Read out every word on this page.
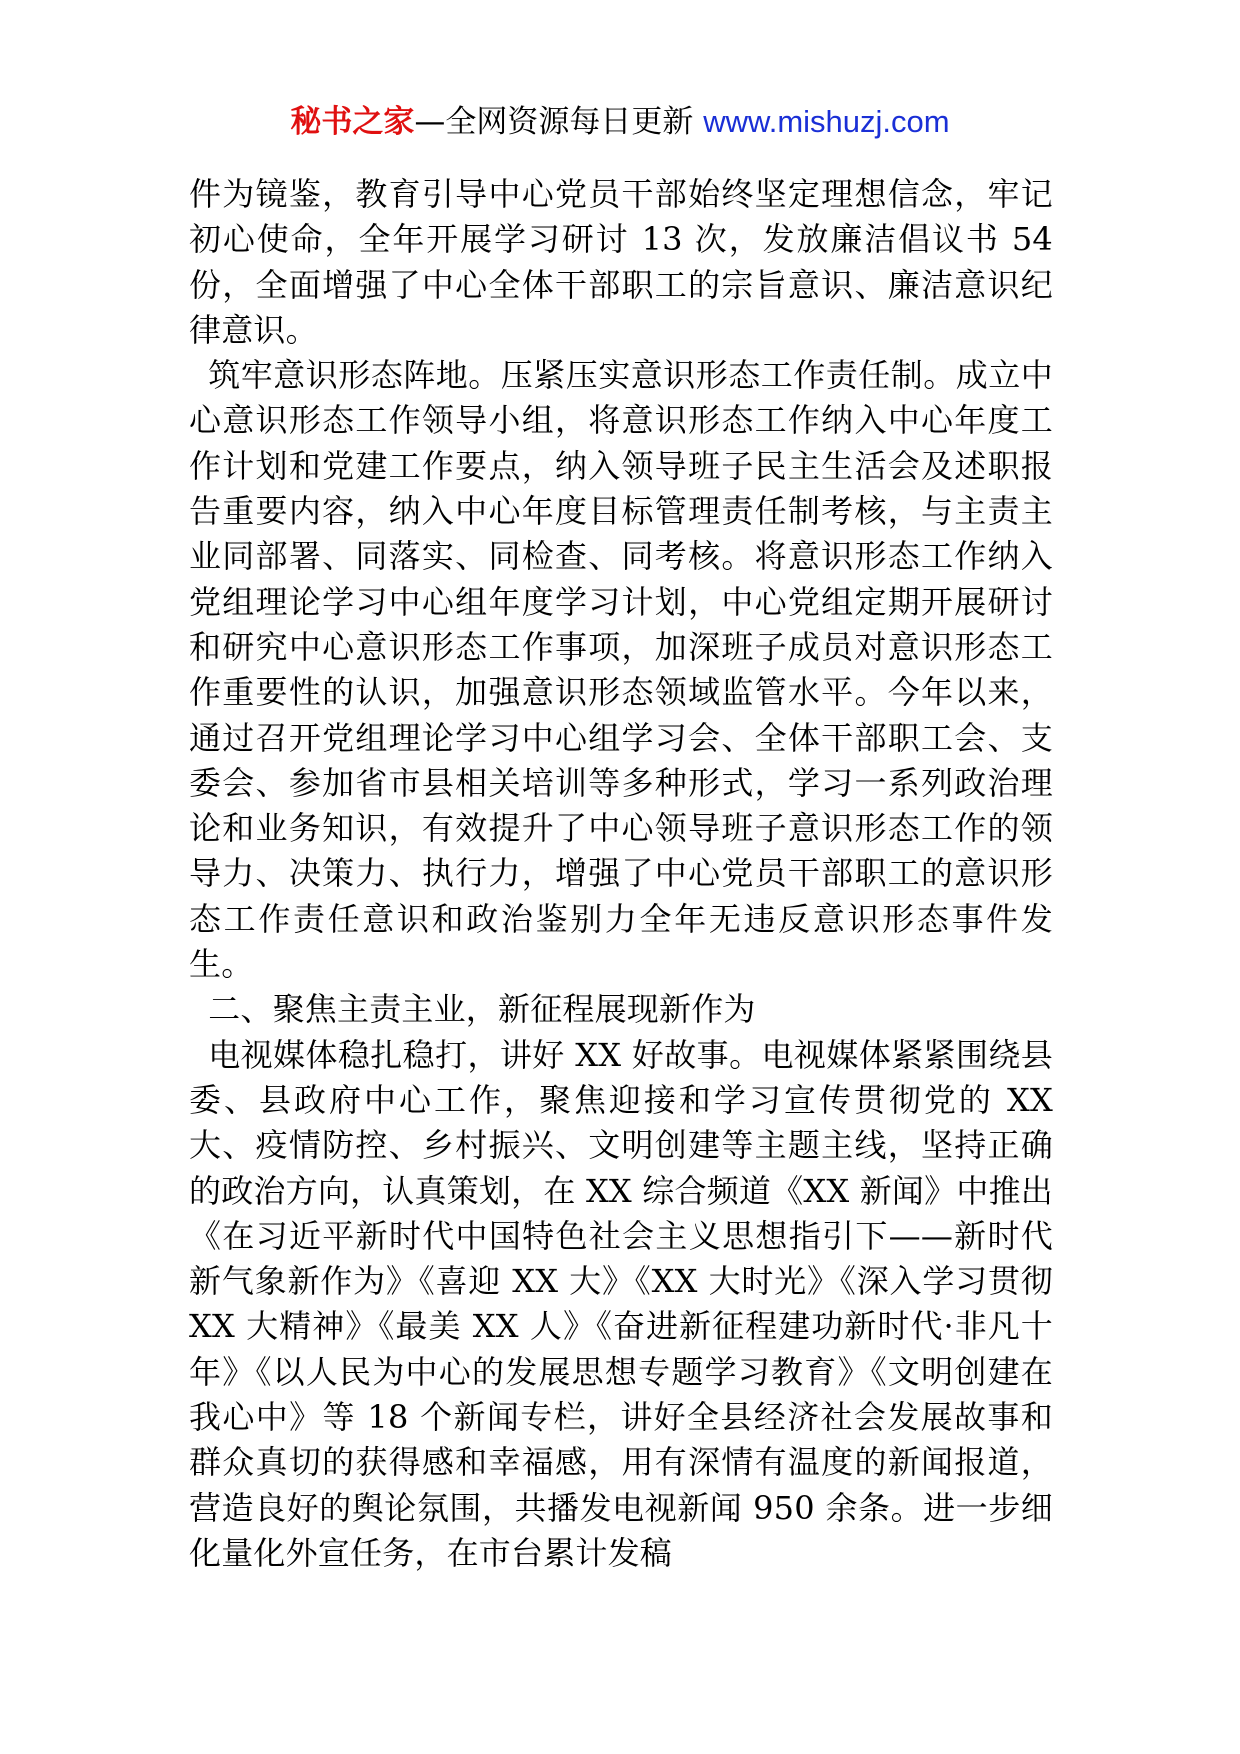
秘书之家—全网资源每日更新 www.mishuzj.com

件为镜鉴，教育引导中心党员干部始终坚定理想信念，牢记初心使命，全年开展学习研讨 13 次，发放廉洁倡议书 54 份，全面增强了中心全体干部职工的宗旨意识、廉洁意识纪律意识。

筑牢意识形态阵地。压紧压实意识形态工作责任制。成立中心意识形态工作领导小组，将意识形态工作纳入中心年度工作计划和党建工作要点，纳入领导班子民主生活会及述职报告重要内容，纳入中心年度目标管理责任制考核，与主责主业同部署、同落实、同检查、同考核。将意识形态工作纳入党组理论学习中心组年度学习计划，中心党组定期开展研讨和研究中心意识形态工作事项，加深班子成员对意识形态工作重要性的认识，加强意识形态领域监管水平。今年以来，通过召开党组理论学习中心组学习会、全体干部职工会、支委会、参加省市县相关培训等多种形式，学习一系列政治理论和业务知识，有效提升了中心领导班子意识形态工作的领导力、决策力、执行力，增强了中心党员干部职工的意识形态工作责任意识和政治鉴别力全年无违反意识形态事件发生。

二、聚焦主责主业，新征程展现新作为

电视媒体稳扎稳打，讲好 XX 好故事。电视媒体紧紧围绕县委、县政府中心工作，聚焦迎接和学习宣传贯彻党的 XX 大、疫情防控、乡村振兴、文明创建等主题主线，坚持正确的政治方向，认真策划，在 XX 综合频道《XX 新闻》中推出《在习近平新时代中国特色社会主义思想指引下——新时代新气象新作为》《喜迎 XX 大》《XX 大时光》《深入学习贯彻 XX 大精神》《最美 XX 人》《奋进新征程建功新时代·非凡十年》《以人民为中心的发展思想专题学习教育》《文明创建在我心中》等 18 个新闻专栏，讲好全县经济社会发展故事和群众真切的获得感和幸福感，用有深情有温度的新闻报道，营造良好的舆论氛围，共播发电视新闻 950 余条。进一步细化量化外宣任务，在市台累计发稿
